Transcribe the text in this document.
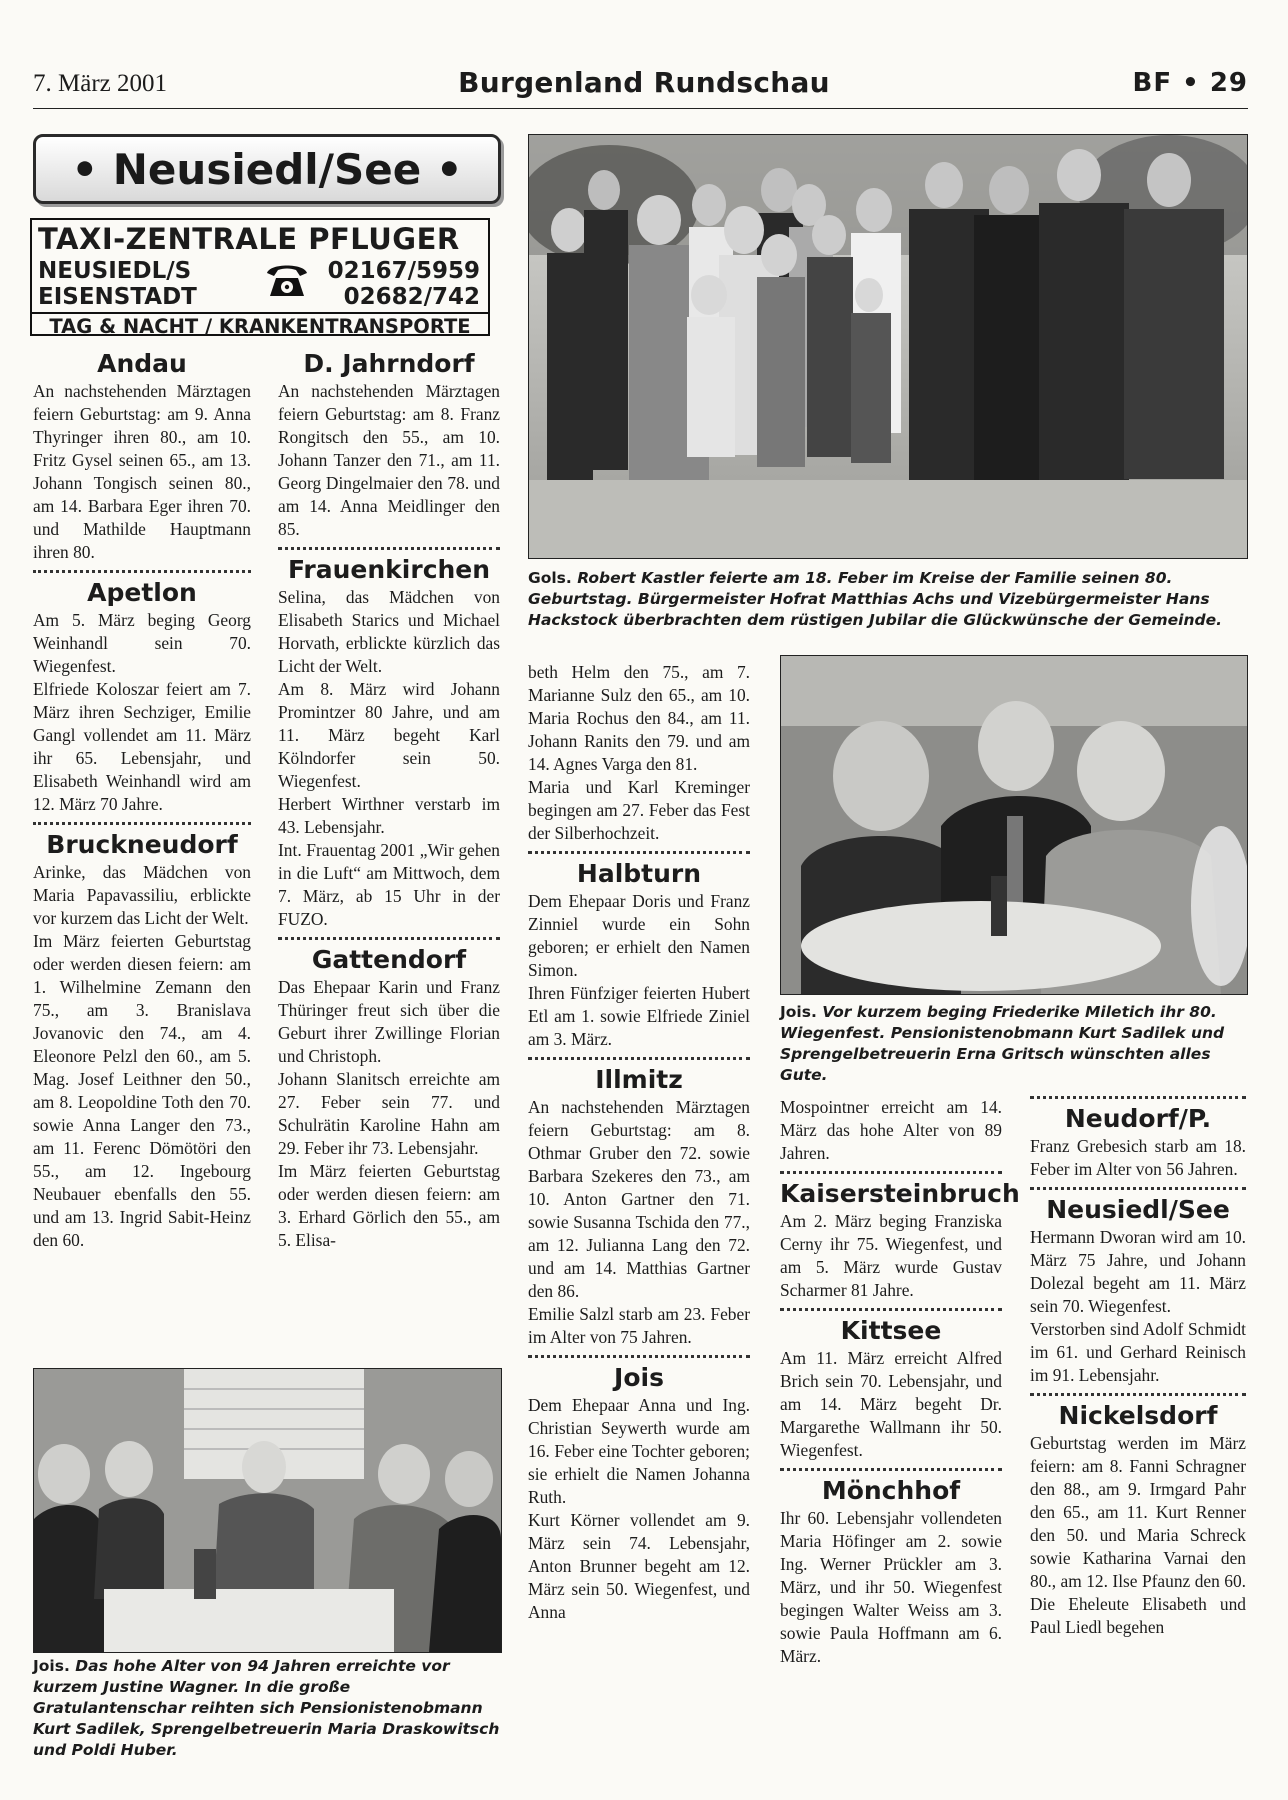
7. März 2001	Burgenland Rundschau	BF • 29
• Neusiedl/See •
TAXI-ZENTRALE PFLUGER
NEUSIEDL/S
EISENSTADT
02167/5959
02682/742
TAG & NACHT / KRANKENTRANSPORTE
Gols. Robert Kastler feierte am 18. Feber im Kreise der Familie seinen 80. Geburtstag. Bürgermeister Hofrat Matthias Achs und Vizebürgermeister Hans Hackstock überbrachten dem rüstigen Jubilar die Glückwünsche der Gemeinde.
Jois. Vor kurzem beging Friederike Miletich ihr 80. Wiegenfest. Pensionistenobmann Kurt Sadilek und Sprengelbetreuerin Erna Gritsch wünschten alles Gute.
Jois. Das hohe Alter von 94 Jahren erreichte vor kurzem Justine Wagner. In die große Gratulantenschar reihten sich Pensionistenobmann Kurt Sadilek, Sprengelbetreuerin Maria Draskowitsch und Poldi Huber.
Andau

An nachstehenden Märztagen feiern Geburtstag: am 9. Anna Thyringer ihren 80., am 10. Fritz Gysel seinen 65., am 13. Johann Tongisch seinen 80., am 14. Barbara Eger ihren 70. und Mathilde Hauptmann ihren 80.

Apetlon

Am 5. März beging Georg Weinhandl sein 70. Wiegenfest.

Elfriede Koloszar feiert am 7. März ihren Sechziger, Emilie Gangl vollendet am 11. März ihr 65. Lebensjahr, und Elisabeth Weinhandl wird am 12. März 70 Jahre.

Bruckneudorf

Arinke, das Mädchen von Maria Papavassiliu, erblickte vor kurzem das Licht der Welt.

Im März feierten Geburtstag oder werden diesen feiern: am 1. Wilhelmine Zemann den 75., am 3. Branislava Jovanovic den 74., am 4. Eleonore Pelzl den 60., am 5. Mag. Josef Leithner den 50., am 8. Leopoldine Toth den 70. sowie Anna Langer den 73., am 11. Ferenc Dömötöri den 55., am 12. Ingebourg Neubauer ebenfalls den 55. und am 13. Ingrid Sabit-Heinz den 60.

D. Jahrndorf

An nachstehenden Märztagen feiern Geburtstag: am 8. Franz Rongitsch den 55., am 10. Johann Tanzer den 71., am 11. Georg Dingelmaier den 78. und am 14. Anna Meidlinger den 85.

Frauenkirchen

Selina, das Mädchen von Elisabeth Starics und Michael Horvath, erblickte kürzlich das Licht der Welt.

Am 8. März wird Johann Promintzer 80 Jahre, und am 11. März begeht Karl Kölndorfer sein 50. Wiegenfest.

Herbert Wirthner verstarb im 43. Lebensjahr.

Int. Frauentag 2001 „Wir gehen in die Luft“ am Mittwoch, dem 7. März, ab 15 Uhr in der FUZO.

Gattendorf

Das Ehepaar Karin und Franz Thüringer freut sich über die Geburt ihrer Zwillinge Florian und Christoph.

Johann Slanitsch erreichte am 27. Feber sein 77. und Schulrätin Karoline Hahn am 29. Feber ihr 73. Lebensjahr.

Im März feierten Geburtstag oder werden diesen feiern: am 3. Erhard Görlich den 55., am 5. Elisa-

beth Helm den 75., am 7. Marianne Sulz den 65., am 10. Maria Rochus den 84., am 11. Johann Ranits den 79. und am 14. Agnes Varga den 81.

Maria und Karl Kreminger begingen am 27. Feber das Fest der Silberhochzeit.

Halbturn

Dem Ehepaar Doris und Franz Zinniel wurde ein Sohn geboren; er erhielt den Namen Simon.

Ihren Fünfziger feierten Hubert Etl am 1. sowie Elfriede Ziniel am 3. März.

Illmitz

An nachstehenden Märztagen feiern Geburtstag: am 8. Othmar Gruber den 72. sowie Barbara Szekeres den 73., am 10. Anton Gartner den 71. sowie Susanna Tschida den 77., am 12. Julianna Lang den 72. und am 14. Matthias Gartner den 86.

Emilie Salzl starb am 23. Feber im Alter von 75 Jahren.

Jois

Dem Ehepaar Anna und Ing. Christian Seywerth wurde am 16. Feber eine Tochter geboren; sie erhielt die Namen Johanna Ruth.

Kurt Körner vollendet am 9. März sein 74. Lebensjahr, Anton Brunner begeht am 12. März sein 50. Wiegenfest, und Anna

Mospointner erreicht am 14. März das hohe Alter von 89 Jahren.

Kaisersteinbruch

Am 2. März beging Franziska Cerny ihr 75. Wiegenfest, und am 5. März wurde Gustav Scharmer 81 Jahre.

Kittsee

Am 11. März erreicht Alfred Brich sein 70. Lebensjahr, und am 14. März begeht Dr. Margarethe Wallmann ihr 50. Wiegenfest.

Mönchhof

Ihr 60. Lebensjahr vollendeten Maria Höfinger am 2. sowie Ing. Werner Prückler am 3. März, und ihr 50. Wiegenfest begingen Walter Weiss am 3. sowie Paula Hoffmann am 6. März.

Neudorf/P.

Franz Grebesich starb am 18. Feber im Alter von 56 Jahren.

Neusiedl/See

Hermann Dworan wird am 10. März 75 Jahre, und Johann Dolezal begeht am 11. März sein 70. Wiegenfest.

Verstorben sind Adolf Schmidt im 61. und Gerhard Reinisch im 91. Lebensjahr.

Nickelsdorf

Geburtstag werden im März feiern: am 8. Fanni Schragner den 88., am 9. Irmgard Pahr den 65., am 11. Kurt Renner den 50. und Maria Schreck sowie Katharina Varnai den 80., am 12. Ilse Pfaunz den 60. Die Eheleute Elisabeth und Paul Liedl begehen
